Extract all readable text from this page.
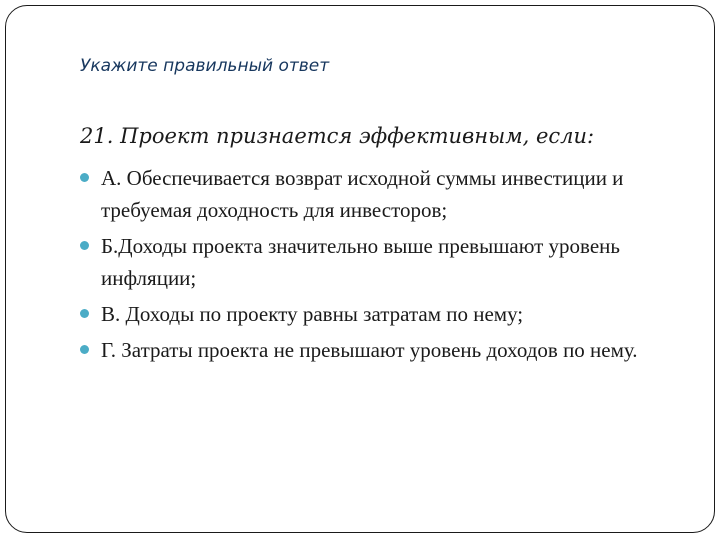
Укажите правильный ответ
21. Проект признается эффективным, если:
А. Обеспечивается возврат исходной суммы инвестиции и требуемая доходность для инвесторов;
Б.Доходы проекта значительно выше превышают уровень инфляции;
В. Доходы по проекту равны затратам по нему;
Г. Затраты проекта не превышают уровень доходов по нему.
